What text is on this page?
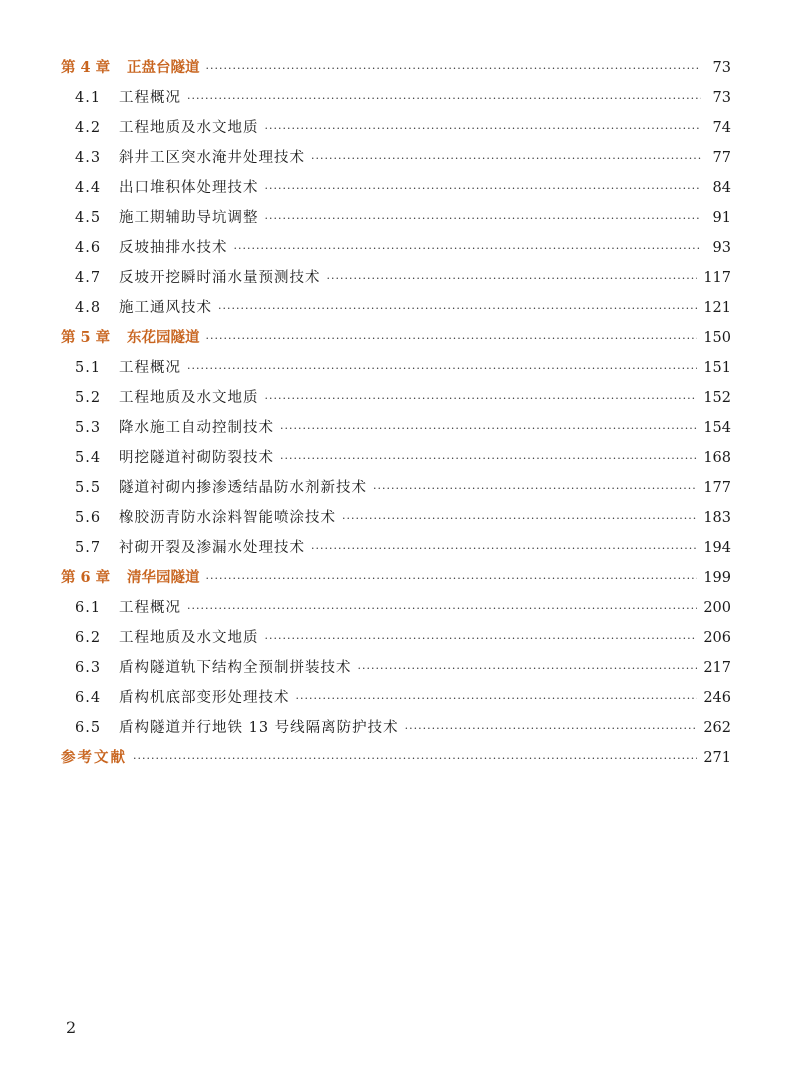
第 4 章	正盘台隧道 ·····	73
4.1	工程概况 ·····	73
4.2	工程地质及水文地质 ·····	74
4.3	斜井工区突水淹井处理技术 ·····	77
4.4	出口堆积体处理技术 ·····	84
4.5	施工期辅助导坑调整 ·····	91
4.6	反坡抽排水技术 ·····	93
4.7	反坡开挖瞬时涌水量预测技术 ·····	117
4.8	施工通风技术 ·····	121
第 5 章	东花园隧道 ·····	150
5.1	工程概况 ·····	151
5.2	工程地质及水文地质 ·····	152
5.3	降水施工自动控制技术 ·····	154
5.4	明挖隧道衬砌防裂技术 ·····	168
5.5	隧道衬砌内掺渗透结晶防水剂新技术 ·····	177
5.6	橡胶沥青防水涂料智能喷涂技术 ·····	183
5.7	衬砌开裂及渗漏水处理技术 ·····	194
第 6 章	清华园隧道 ·····	199
6.1	工程概况 ·····	200
6.2	工程地质及水文地质 ·····	206
6.3	盾构隧道轨下结构全预制拼装技术 ·····	217
6.4	盾构机底部变形处理技术 ·····	246
6.5	盾构隧道并行地铁 13 号线隔离防护技术 ·····	262
参考文献 ·····	271
2
